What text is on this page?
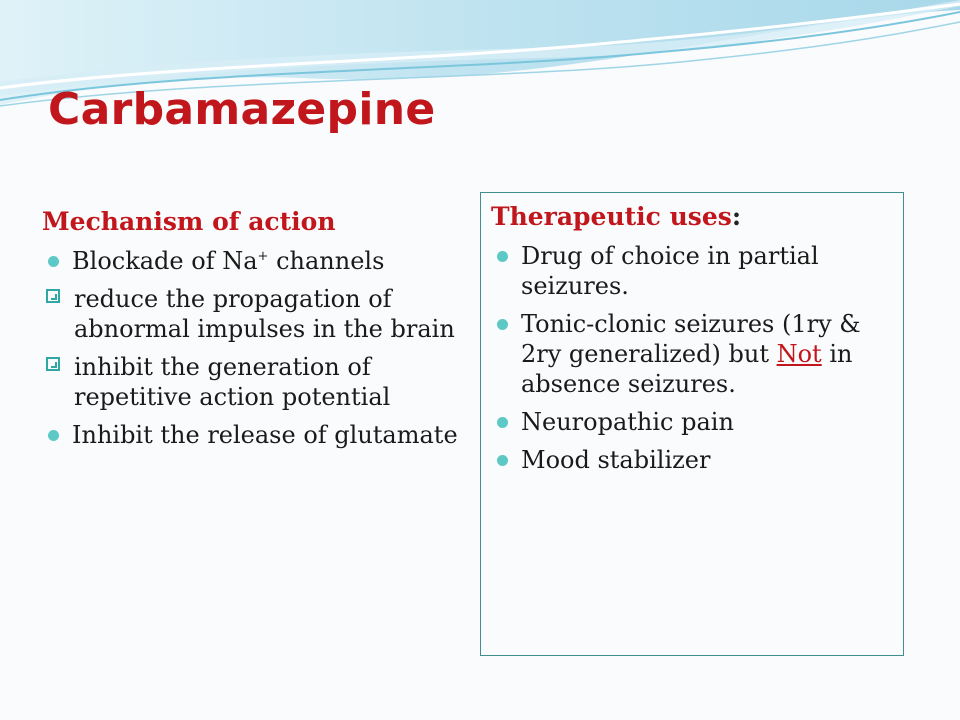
Carbamazepine
Mechanism of action
Blockade of Na+ channels
reduce the propagation of abnormal impulses in the brain
inhibit the generation of repetitive action potential
Inhibit the release of glutamate
Therapeutic uses:
Drug of choice in partial seizures.
Tonic-clonic seizures (1ry & 2ry generalized) but Not in absence seizures.
Neuropathic pain
Mood stabilizer
